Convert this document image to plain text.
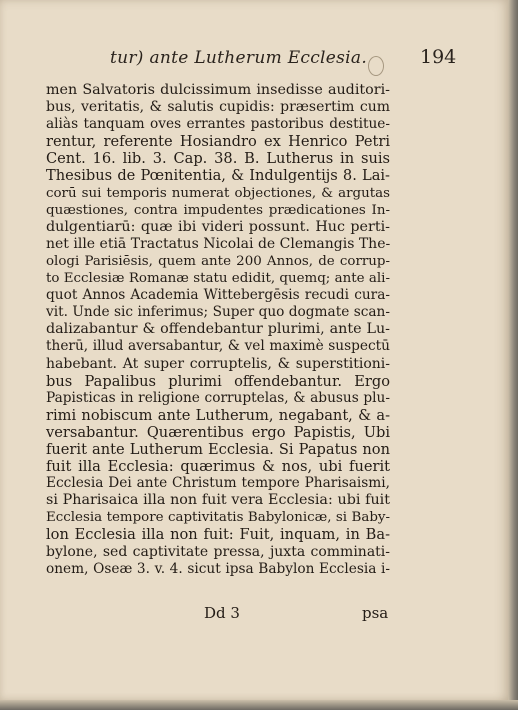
tur) ante Lutherum Ecclesia.	194
men Salvatoris dulcissimum insedisse auditori-
bus, veritatis, & salutis cupidis: præsertim cum
aliàs tanquam oves errantes pastoribus destitue-
rentur, referente Hosiandro ex Henrico Petri
Cent. 16. lib. 3. Cap. 38. B. Lutherus in suis
Thesibus de Pœnitentia, & Indulgentijs 8. Lai-
corū sui temporis numerat objectiones, & argutas
quæstiones, contra impudentes prædicationes In-
dulgentiarū: quæ ibi videri possunt. Huc perti-
net ille etiā Tractatus Nicolai de Clemangis The-
ologi Parisiēsis, quem ante 200 Annos, de corrup-
to Ecclesiæ Romanæ statu edidit, quemq; ante ali-
quot Annos Academia Wittebergēsis recudi cura-
vit. Unde sic inferimus; Super quo dogmate scan-
dalizabantur & offendebantur plurimi, ante Lu-
therū, illud aversabantur, & vel maximè suspectū
habebant. At super corruptelis, & superstitioni-
bus Papalibus plurimi offendebantur. Ergo
Papisticas in religione corruptelas, & abusus plu-
rimi nobiscum ante Lutherum, negabant, & a-
versabantur. Quærentibus ergo Papistis, Ubi
fuerit ante Lutherum Ecclesia. Si Papatus non
fuit illa Ecclesia: quærimus & nos, ubi fuerit
Ecclesia Dei ante Christum tempore Pharisaismi,
si Pharisaica illa non fuit vera Ecclesia: ubi fuit
Ecclesia tempore captivitatis Babylonicæ, si Baby-
lon Ecclesia illa non fuit: Fuit, inquam, in Ba-
bylone, sed captivitate pressa, juxta comminati-
onem, Oseæ 3. v. 4. sicut ipsa Babylon Ecclesia i-
Dd 3	psa
